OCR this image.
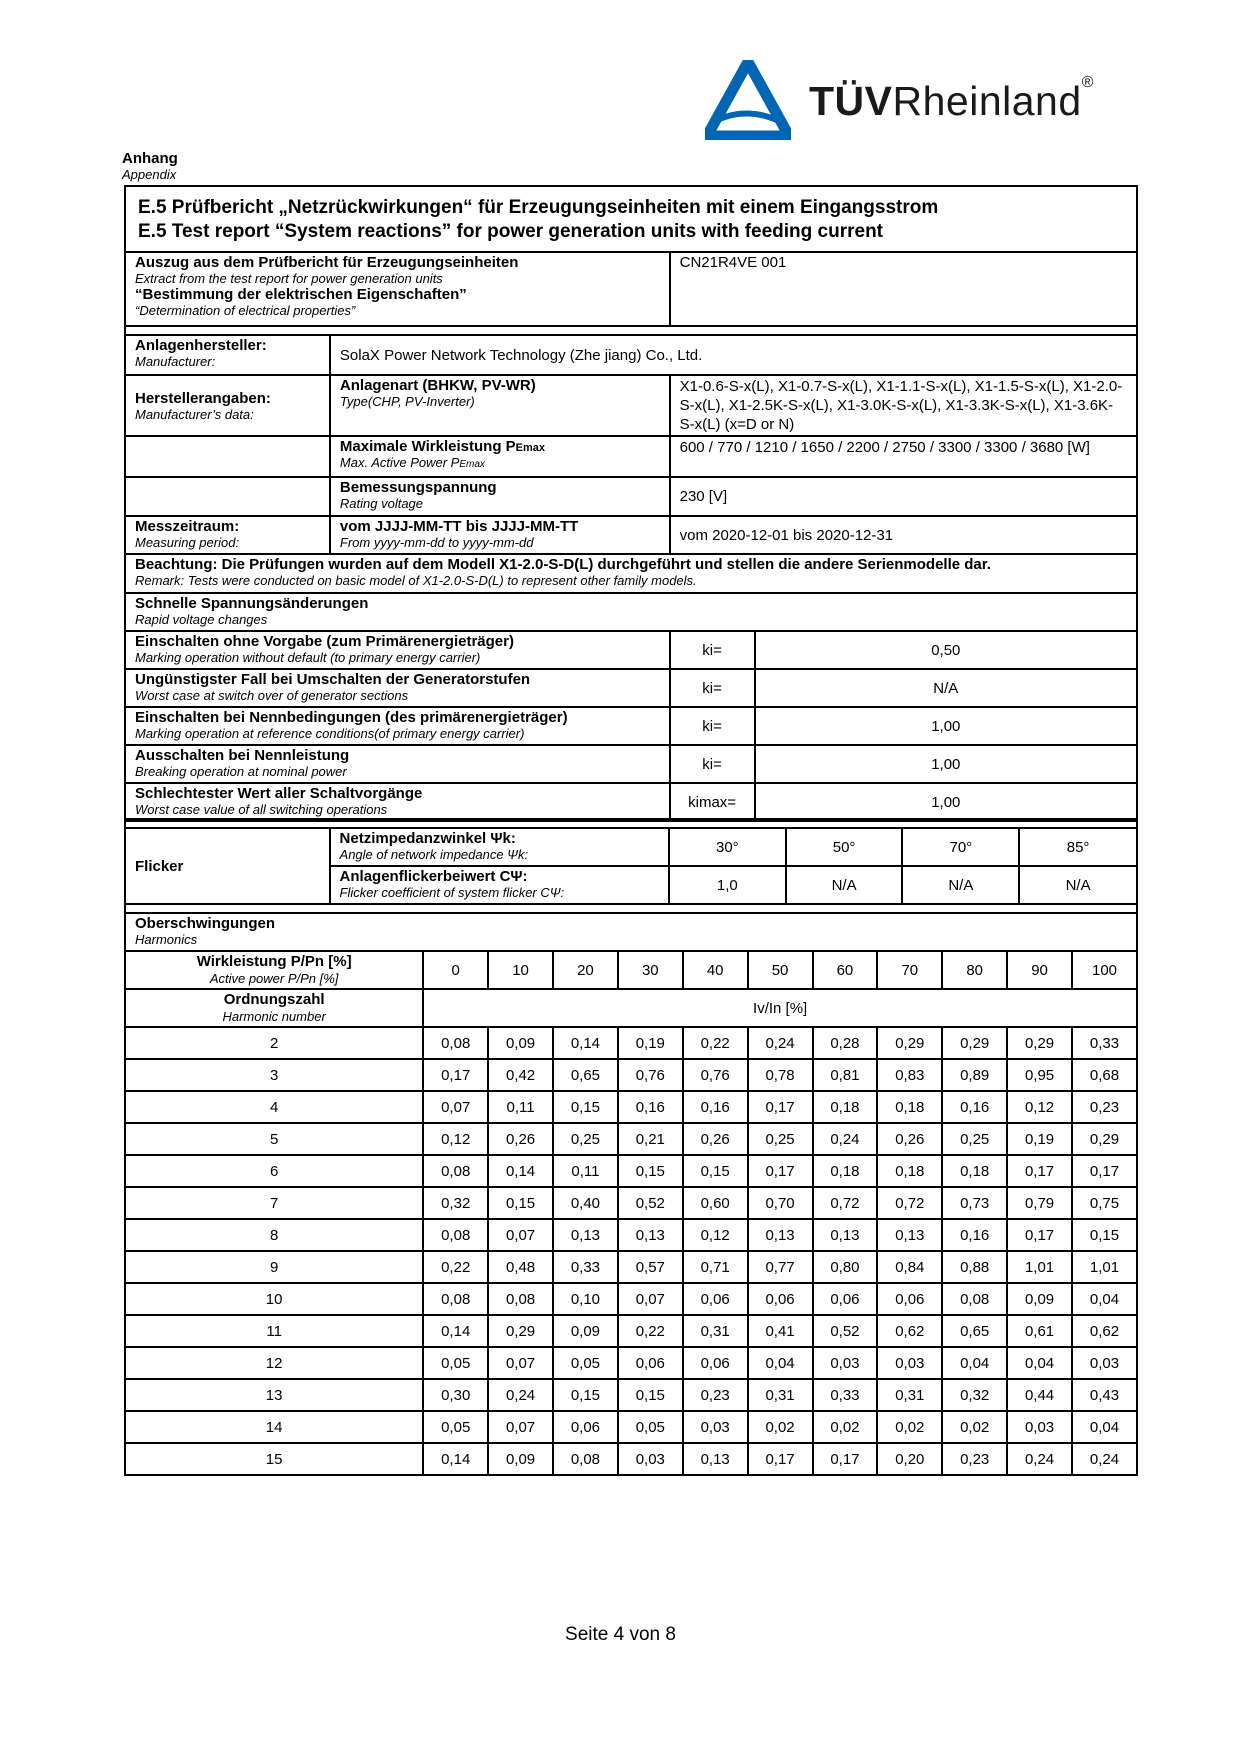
TÜVRheinland®
Anhang
Appendix
E.5 Prüfbericht „Netzrückwirkungen“ für Erzeugungseinheiten mit einem Eingangsstrom
E.5 Test report “System reactions” for power generation units with feeding current			

Auszug aus dem Prüfbericht für Erzeugungseinheiten
Extract from the test report for power generation units
“Bestimmung der elektrischen Eigenschaften”
“Determination of electrical properties”		CN21R4VE 001	

Anlagenhersteller:
Manufacturer:	SolaX Power Network Technology (Zhe jiang) Co., Ltd.		

Herstellerangaben:
Manufacturer’s data:	Anlagenart (BHKW, PV-WR)
Type(CHP, PV-Inverter)	X1-0.6-S-x(L), X1-0.7-S-x(L), X1-1.1-S-x(L), X1-1.5-S-x(L), X1-2.0-S-x(L), X1-2.5K-S-x(L), X1-3.0K-S-x(L), X1-3.3K-S-x(L), X1-3.6K-S-x(L) (x=D or N)	
	Maximale Wirkleistung PEmax
Max. Active Power PEmax	600 / 770 / 1210 / 1650 / 2200 / 2750 / 3300 / 3300 / 3680 [W]	

	Bemessungspannung
Rating voltage	230 [V]	

Messzeitraum:
Measuring period:	vom JJJJ-MM-TT bis JJJJ-MM-TT
From yyyy-mm-dd to yyyy-mm-dd	vom 2020-12-01 bis 2020-12-31	

Beachtung: Die Prüfungen wurden auf dem Modell X1-2.0-S-D(L) durchgeführt und stellen die andere Serienmodelle dar.
Remark: Tests were conducted on basic model of X1-2.0-S-D(L) to represent other family models.			

Schnelle Spannungsänderungen
Rapid voltage changes			

Einschalten ohne Vorgabe (zum Primärenergieträger)
Marking operation without default (to primary energy carrier)		ki=	0,50

Ungünstigster Fall bei Umschalten der Generatorstufen
Worst case at switch over of generator sections		ki=	N/A

Einschalten bei Nennbedingungen (des primärenergieträger)
Marking operation at reference conditions(of primary energy carrier)		ki=	1,00

Ausschalten bei Nennleistung
Breaking operation at nominal power		ki=	1,00

Schlechtester Wert aller Schaltvorgänge
Worst case value of all switching operations		kimax=	1,00

Flicker	Netzimpedanzwinkel Ψk:
Angle of network impedance Ψk:	30°	50°	70°	85°

	Anlagenflickerbeiwert CΨ:
Flicker coefficient of system flicker CΨ:	1,0	N/A	N/A	N/A

Oberschwingungen
Harmonics											

Wirkleistung P/Pn [%]
Active power P/Pn [%]	0	10	20	30	40	50	60	70	80	90	100

Ordnungszahl
Harmonic number	Iv/In [%]										
2	0,08	0,09	0,14	0,19	0,22	0,24	0,28	0,29	0,29	0,29	0,33
3	0,17	0,42	0,65	0,76	0,76	0,78	0,81	0,83	0,89	0,95	0,68
4	0,07	0,11	0,15	0,16	0,16	0,17	0,18	0,18	0,16	0,12	0,23
5	0,12	0,26	0,25	0,21	0,26	0,25	0,24	0,26	0,25	0,19	0,29
6	0,08	0,14	0,11	0,15	0,15	0,17	0,18	0,18	0,18	0,17	0,17
7	0,32	0,15	0,40	0,52	0,60	0,70	0,72	0,72	0,73	0,79	0,75
8	0,08	0,07	0,13	0,13	0,12	0,13	0,13	0,13	0,16	0,17	0,15
9	0,22	0,48	0,33	0,57	0,71	0,77	0,80	0,84	0,88	1,01	1,01
10	0,08	0,08	0,10	0,07	0,06	0,06	0,06	0,06	0,08	0,09	0,04
11	0,14	0,29	0,09	0,22	0,31	0,41	0,52	0,62	0,65	0,61	0,62
12	0,05	0,07	0,05	0,06	0,06	0,04	0,03	0,03	0,04	0,04	0,03
13	0,30	0,24	0,15	0,15	0,23	0,31	0,33	0,31	0,32	0,44	0,43
14	0,05	0,07	0,06	0,05	0,03	0,02	0,02	0,02	0,02	0,03	0,04
15	0,14	0,09	0,08	0,03	0,13	0,17	0,17	0,20	0,23	0,24	0,24
Seite 4 von 8
